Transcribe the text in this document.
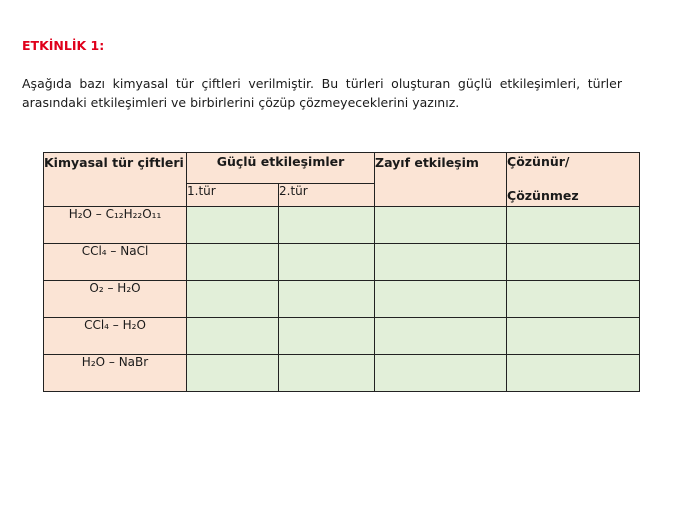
ETKİNLİK 1:
Aşağıda bazı kimyasal tür çiftleri verilmiştir. Bu türleri oluşturan güçlü etkileşimleri, türler arasındaki etkileşimleri ve birbirlerini çözüp çözmeyeceklerini yazınız.
Kimyasal tür çiftleri	Güçlü etkileşimler		Zayıf etkileşim	Çözünür/
Çözünmez

	1.tür	2.tür		
H₂O – C₁₂H₂₂O₁₁				
CCl₄ – NaCl				
O₂ – H₂O				
CCl₄ – H₂O				
H₂O – NaBr				
